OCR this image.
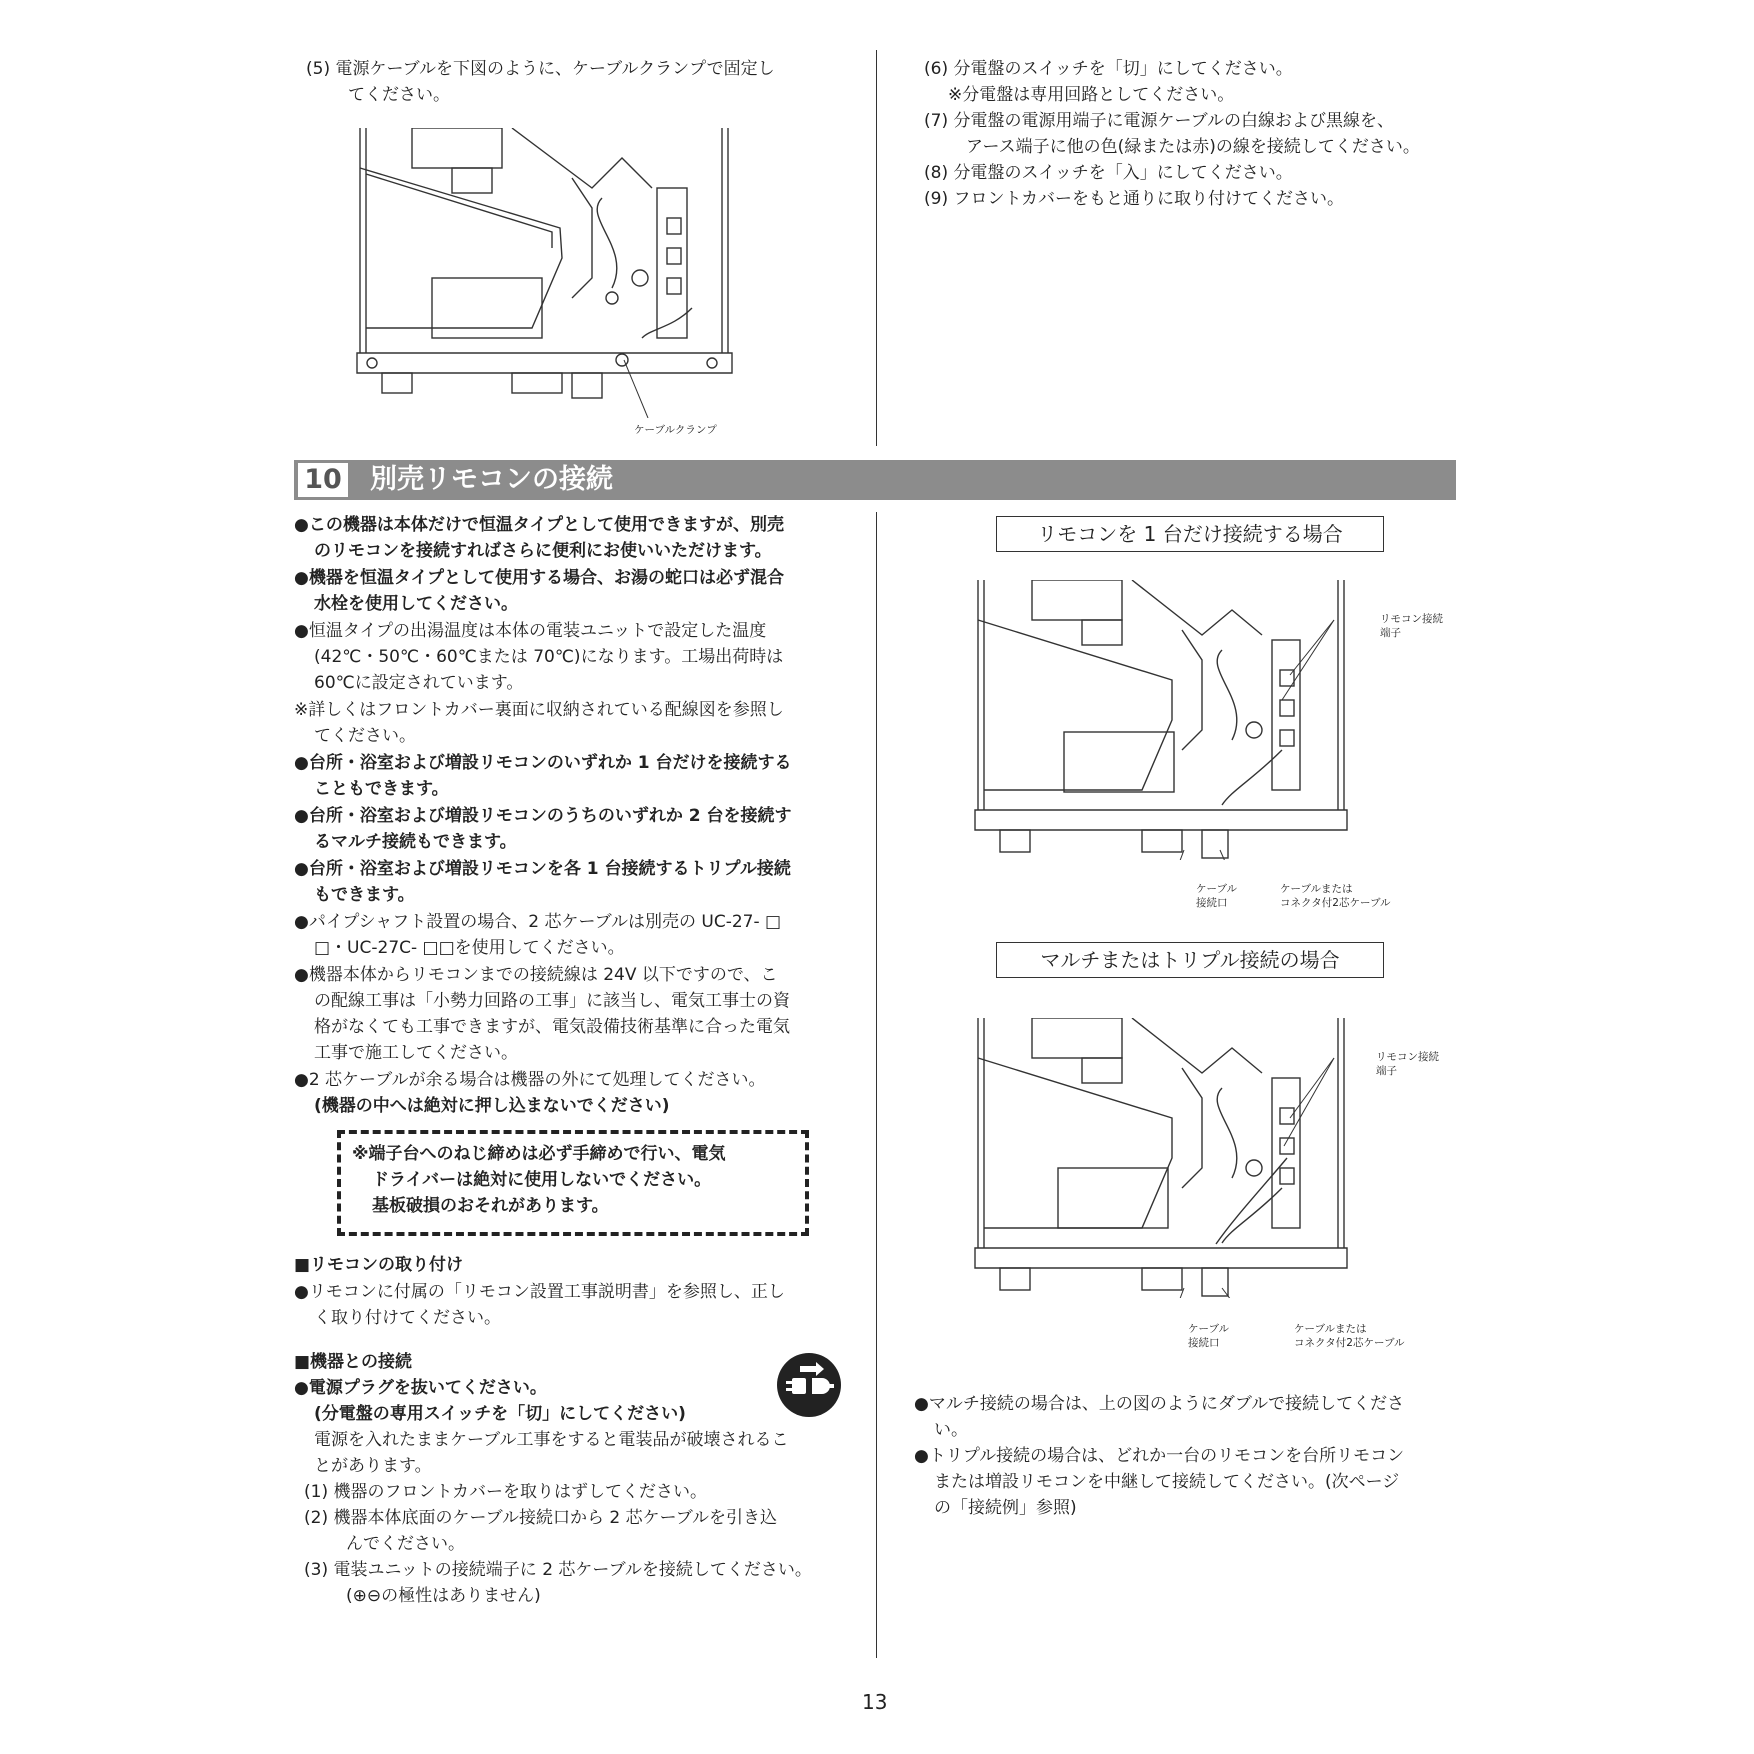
(5) 電源ケーブルを下図のように、ケーブルクランプで固定し
てください。
ケーブルクランプ
(6) 分電盤のスイッチを「切」にしてください。
※分電盤は専用回路としてください。
(7) 分電盤の電源用端子に電源ケーブルの白線および黒線を、
アース端子に他の色(緑または赤)の線を接続してください。
(8) 分電盤のスイッチを「入」にしてください。
(9) フロントカバーをもと通りに取り付けてください。
10 別売リモコンの接続
●この機器は本体だけで恒温タイプとして使用できますが、別売
のリモコンを接続すればさらに便利にお使いいただけます。
●機器を恒温タイプとして使用する場合、お湯の蛇口は必ず混合
水栓を使用してください。
●恒温タイプの出湯温度は本体の電装ユニットで設定した温度
(42℃・50℃・60℃または 70℃)になります。工場出荷時は
60℃に設定されています。
※詳しくはフロントカバー裏面に収納されている配線図を参照し
てください。
●台所・浴室および増設リモコンのいずれか 1 台だけを接続する
こともできます。
●台所・浴室および増設リモコンのうちのいずれか 2 台を接続す
るマルチ接続もできます。
●台所・浴室および増設リモコンを各 1 台接続するトリプル接続
もできます。
●パイプシャフト設置の場合、2 芯ケーブルは別売の UC-27- □
□・UC-27C- □□を使用してください。
●機器本体からリモコンまでの接続線は 24V 以下ですので、こ
の配線工事は「小勢力回路の工事」に該当し、電気工事士の資
格がなくても工事できますが、電気設備技術基準に合った電気
工事で施工してください。
●2 芯ケーブルが余る場合は機器の外にて処理してください。
(機器の中へは絶対に押し込まないでください)
※端子台へのねじ締めは必ず手締めで行い、電気
ドライバーは絶対に使用しないでください。
基板破損のおそれがあります。
■リモコンの取り付け
●リモコンに付属の「リモコン設置工事説明書」を参照し、正し
く取り付けてください。
■機器との接続
●電源プラグを抜いてください。
(分電盤の専用スイッチを「切」にしてください)
電源を入れたままケーブル工事をすると電装品が破壊されるこ
とがあります。
(1) 機器のフロントカバーを取りはずしてください。
(2) 機器本体底面のケーブル接続口から 2 芯ケーブルを引き込
んでください。
(3) 電装ユニットの接続端子に 2 芯ケーブルを接続してください。
(⊕⊖の極性はありません)
リモコンを 1 台だけ接続する場合
リモコン接続
端子
ケーブル
接続口
ケーブルまたは
コネクタ付2芯ケーブル
マルチまたはトリプル接続の場合
リモコン接続
端子
ケーブル
接続口
ケーブルまたは
コネクタ付2芯ケーブル
●マルチ接続の場合は、上の図のようにダブルで接続してくださ
い。
●トリプル接続の場合は、どれか一台のリモコンを台所リモコン
または増設リモコンを中継して接続してください。(次ページ
の「接続例」参照)
13
